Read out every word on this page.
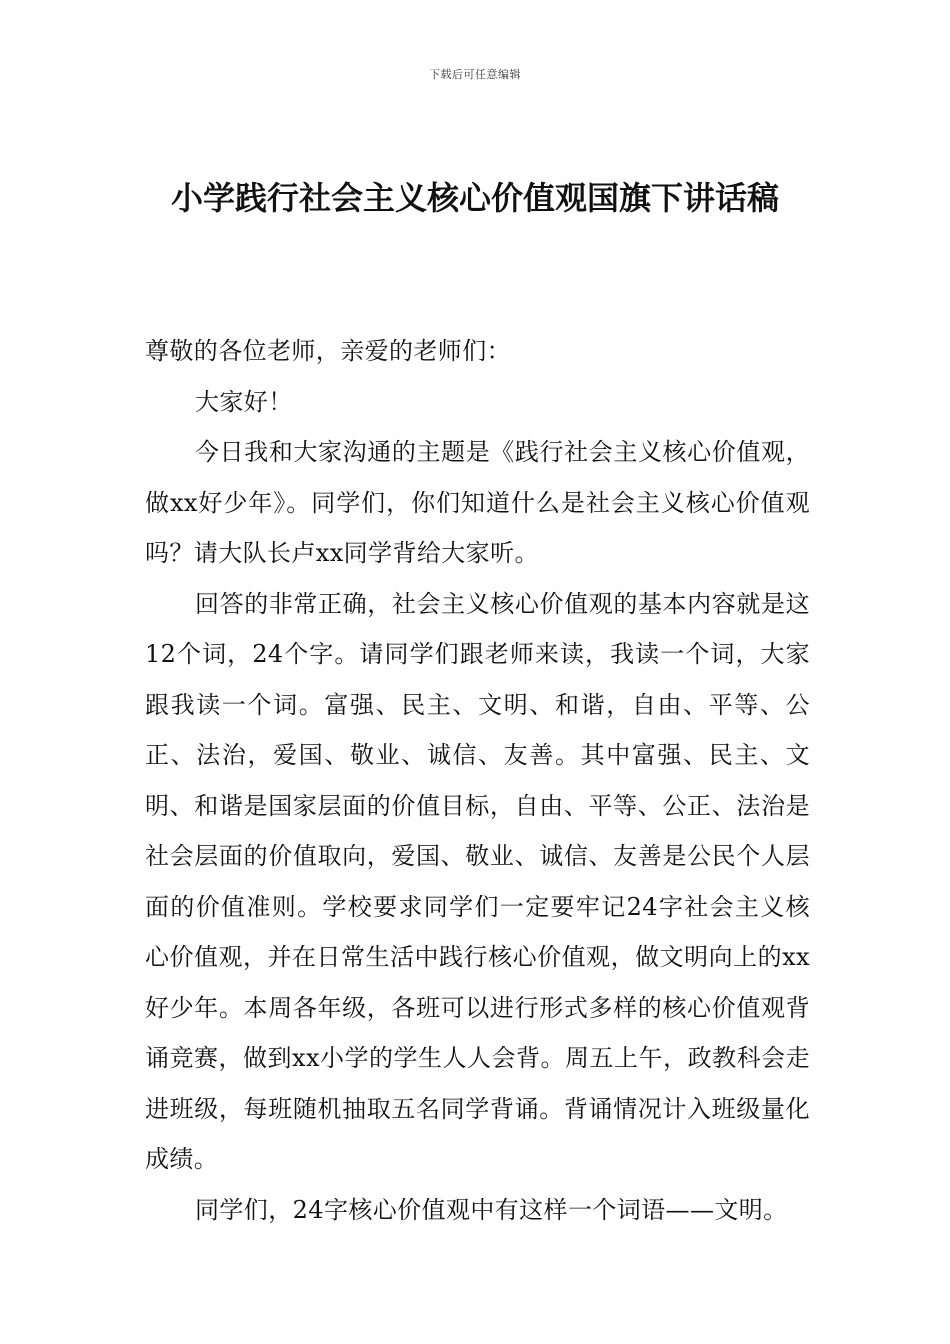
下载后可任意编辑
小学践行社会主义核心价值观国旗下讲话稿

尊敬的各位老师，亲爱的老师们：

大家好！

今日我和大家沟通的主题是《践行社会主义核心价值观，做xx好少年》。同学们，你们知道什么是社会主义核心价值观吗？请大队长卢xx同学背给大家听。

回答的非常正确，社会主义核心价值观的基本内容就是这12个词，24个字。请同学们跟老师来读，我读一个词，大家跟我读一个词。富强、民主、文明、和谐，自由、平等、公正、法治，爱国、敬业、诚信、友善。其中富强、民主、文明、和谐是国家层面的价值目标，自由、平等、公正、法治是社会层面的价值取向，爱国、敬业、诚信、友善是公民个人层面的价值准则。学校要求同学们一定要牢记24字社会主义核心价值观，并在日常生活中践行核心价值观，做文明向上的xx好少年。本周各年级，各班可以进行形式多样的核心价值观背诵竞赛，做到xx小学的学生人人会背。周五上午，政教科会走进班级，每班随机抽取五名同学背诵。背诵情况计入班级量化成绩。

同学们，24字核心价值观中有这样一个词语——文明。
